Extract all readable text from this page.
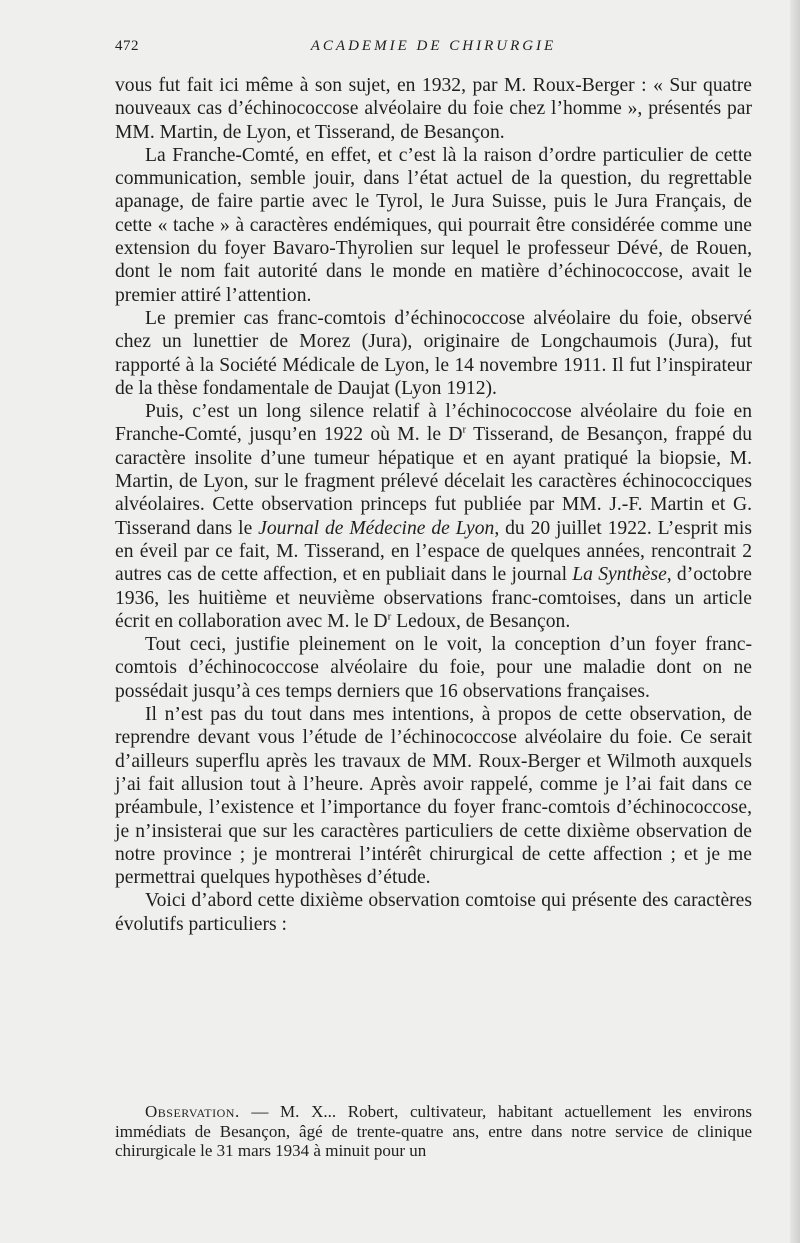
472	ACADEMIE DE CHIRURGIE

vous fut fait ici même à son sujet, en 1932, par M. Roux-Berger : « Sur quatre nouveaux cas d’échinococcose alvéolaire du foie chez l’homme », présentés par MM. Martin, de Lyon, et Tisserand, de Besançon.

La Franche-Comté, en effet, et c’est là la raison d’ordre particulier de cette communication, semble jouir, dans l’état actuel de la question, du regrettable apanage, de faire partie avec le Tyrol, le Jura Suisse, puis le Jura Français, de cette « tache » à caractères endémiques, qui pourrait être considérée comme une extension du foyer Bavaro-Thyrolien sur lequel le professeur Dévé, de Rouen, dont le nom fait autorité dans le monde en matière d’échinococcose, avait le premier attiré l’attention.

Le premier cas franc-comtois d’échinococcose alvéolaire du foie, observé chez un lunettier de Morez (Jura), originaire de Longchaumois (Jura), fut rapporté à la Société Médicale de Lyon, le 14 novembre 1911. Il fut l’inspirateur de la thèse fondamentale de Daujat (Lyon 1912).

Puis, c’est un long silence relatif à l’échinococcose alvéolaire du foie en Franche-Comté, jusqu’en 1922 où M. le $D^r$ Tisserand, de Besançon, frappé du caractère insolite d’une tumeur hépatique et en ayant pratiqué la biopsie, M. Martin, de Lyon, sur le fragment prélevé décelait les caractères échinococciques alvéolaires. Cette observation princeps fut publiée par MM. J.-F. Martin et G. Tisserand dans le Journal de Médecine de Lyon, du 20 juillet 1922. L’esprit mis en éveil par ce fait, M. Tisserand, en l’espace de quelques années, rencontrait 2 autres cas de cette affection, et en publiait dans le journal La Synthèse, d’octobre 1936, les huitième et neuvième observations franc-comtoises, dans un article écrit en collaboration avec M. le $D^r$ Ledoux, de Besançon.

Tout ceci, justifie pleinement on le voit, la conception d’un foyer franc-comtois d’échinococcose alvéolaire du foie, pour une maladie dont on ne possédait jusqu’à ces temps derniers que 16 observations françaises.

Il n’est pas du tout dans mes intentions, à propos de cette observation, de reprendre devant vous l’étude de l’échinococcose alvéolaire du foie. Ce serait d’ailleurs superflu après les travaux de MM. Roux-Berger et Wilmoth auxquels j’ai fait allusion tout à l’heure. Après avoir rappelé, comme je l’ai fait dans ce préambule, l’existence et l’importance du foyer franc-comtois d’échinococcose, je n’insisterai que sur les caractères particuliers de cette dixième observation de notre province ; je montrerai l’intérêt chirurgical de cette affection ; et je me permettrai quelques hypothèses d’étude.

Voici d’abord cette dixième observation comtoise qui présente des caractères évolutifs particuliers :

Observation. — M. X... Robert, cultivateur, habitant actuellement les environs immédiats de Besançon, âgé de trente-quatre ans, entre dans notre service de clinique chirurgicale le 31 mars 1934 à minuit pour un
